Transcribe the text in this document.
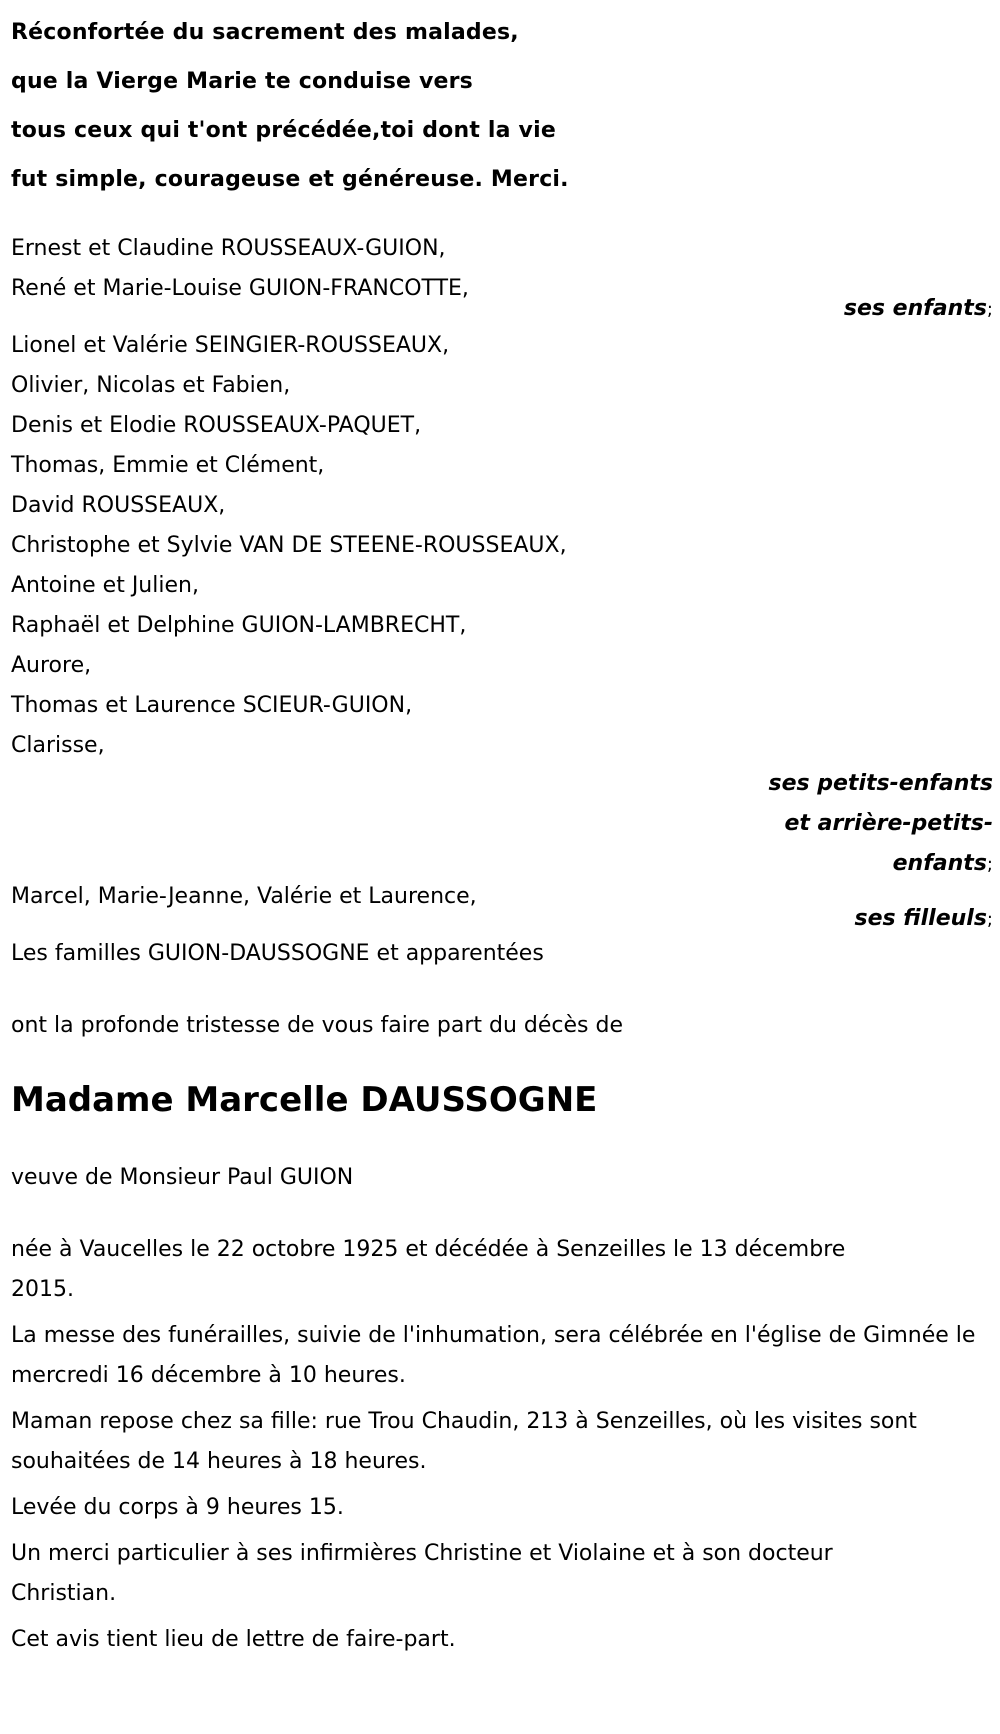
Réconfortée du sacrement des malades,
que la Vierge Marie te conduise vers
tous ceux qui t'ont précédée,toi dont la vie
fut simple, courageuse et généreuse. Merci.
Ernest et Claudine ROUSSEAUX-GUION,
René et Marie-Louise GUION-FRANCOTTE,
ses enfants;
Lionel et Valérie SEINGIER-ROUSSEAUX,
Olivier, Nicolas et Fabien,
Denis et Elodie ROUSSEAUX-PAQUET,
Thomas, Emmie et Clément,
David ROUSSEAUX,
Christophe et Sylvie VAN DE STEENE-ROUSSEAUX,
Antoine et Julien,
Raphaël et Delphine GUION-LAMBRECHT,
Aurore,
Thomas et Laurence SCIEUR-GUION,
Clarisse,
ses petits-enfants
et arrière-petits-
enfants;
Marcel, Marie-Jeanne, Valérie et Laurence,
ses filleuls;
Les familles GUION-DAUSSOGNE et apparentées
ont la profonde tristesse de vous faire part du décès de
Madame Marcelle DAUSSOGNE
veuve de Monsieur Paul GUION
née à Vaucelles le 22 octobre 1925 et décédée à Senzeilles le 13 décembre 2015.
La messe des funérailles, suivie de l'inhumation, sera célébrée en l'église de Gimnée le mercredi 16 décembre à 10 heures.
Maman repose chez sa fille: rue Trou Chaudin, 213 à Senzeilles, où les visites sont souhaitées de 14 heures à 18 heures.
Levée du corps à 9 heures 15.
Un merci particulier à ses infirmières Christine et Violaine et à son docteur Christian.
Cet avis tient lieu de lettre de faire-part.
